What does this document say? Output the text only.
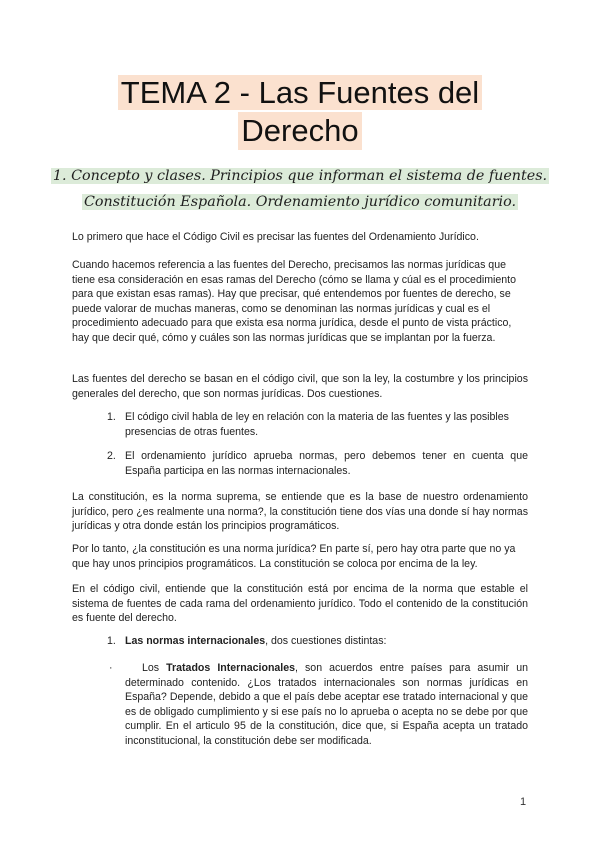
TEMA 2 - Las Fuentes del
Derecho
1. Concepto y clases. Principios que informan el sistema de fuentes.
Constitución Española. Ordenamiento jurídico comunitario.

Lo primero que hace el Código Civil es precisar las fuentes del Ordenamiento Jurídico.

Cuando hacemos referencia a las fuentes del Derecho, precisamos las normas jurídicas que tiene esa consideración en esas ramas del Derecho (cómo se llama y cúal es el procedimiento para que existan esas ramas). Hay que precisar, qué entendemos por fuentes de derecho, se puede valorar de muchas maneras, como se denominan las normas jurídicas y cual es el procedimiento adecuado para que exista esa norma jurídica, desde el punto de vista práctico, hay que decir qué, cómo y cuáles son las normas jurídicas que se implantan por la fuerza.

Las fuentes del derecho se basan en el código civil, que son la ley, la costumbre y los principios generales del derecho, que son normas jurídicas. Dos cuestiones.

1. El código civil habla de ley en relación con la materia de las fuentes y las posibles presencias de otras fuentes.
2. El ordenamiento jurídico aprueba normas, pero debemos tener en cuenta que España participa en las normas internacionales.

La constitución, es la norma suprema, se entiende que es la base de nuestro ordenamiento jurídico, pero ¿es realmente una norma?, la constitución tiene dos vías una donde sí hay normas jurídicas y otra donde están los principios programáticos.

Por lo tanto, ¿la constitución es una norma jurídica? En parte sí, pero hay otra parte que no ya que hay unos principios programáticos. La constitución se coloca por encima de la ley.

En el código civil, entiende que la constitución está por encima de la norma que estable el sistema de fuentes de cada rama del ordenamiento jurídico. Todo el contenido de la constitución es fuente del derecho.

1. Las normas internacionales, dos cuestiones distintas:
·	Los Tratados Internacionales, son acuerdos entre países para asumir un determinado contenido. ¿Los tratados internacionales son normas jurídicas en España? Depende, debido a que el país debe aceptar ese tratado internacional y que es de obligado cumplimiento y si ese país no lo aprueba o acepta no se debe por que cumplir. En el articulo 95 de la constitución, dice que, si España acepta un tratado inconstitucional, la constitución debe ser modificada.

1
